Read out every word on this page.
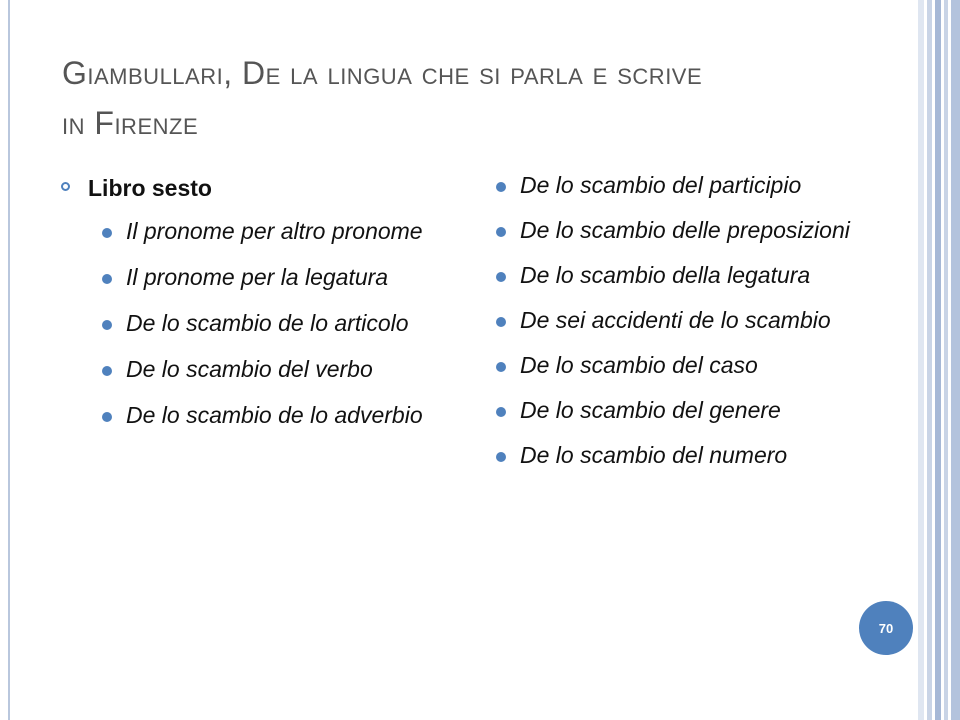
Giambullari, De la lingua che si parla e scrive
in Firenze
Libro sesto
Il pronome per altro pronome
Il pronome per la legatura
De lo scambio de lo articolo
De lo scambio del verbo
De lo scambio de lo adverbio
De lo scambio del participio
De lo scambio delle preposizioni
De lo scambio della legatura
De sei accidenti de lo scambio
De lo scambio del caso
De lo scambio del genere
De lo scambio del numero
70
